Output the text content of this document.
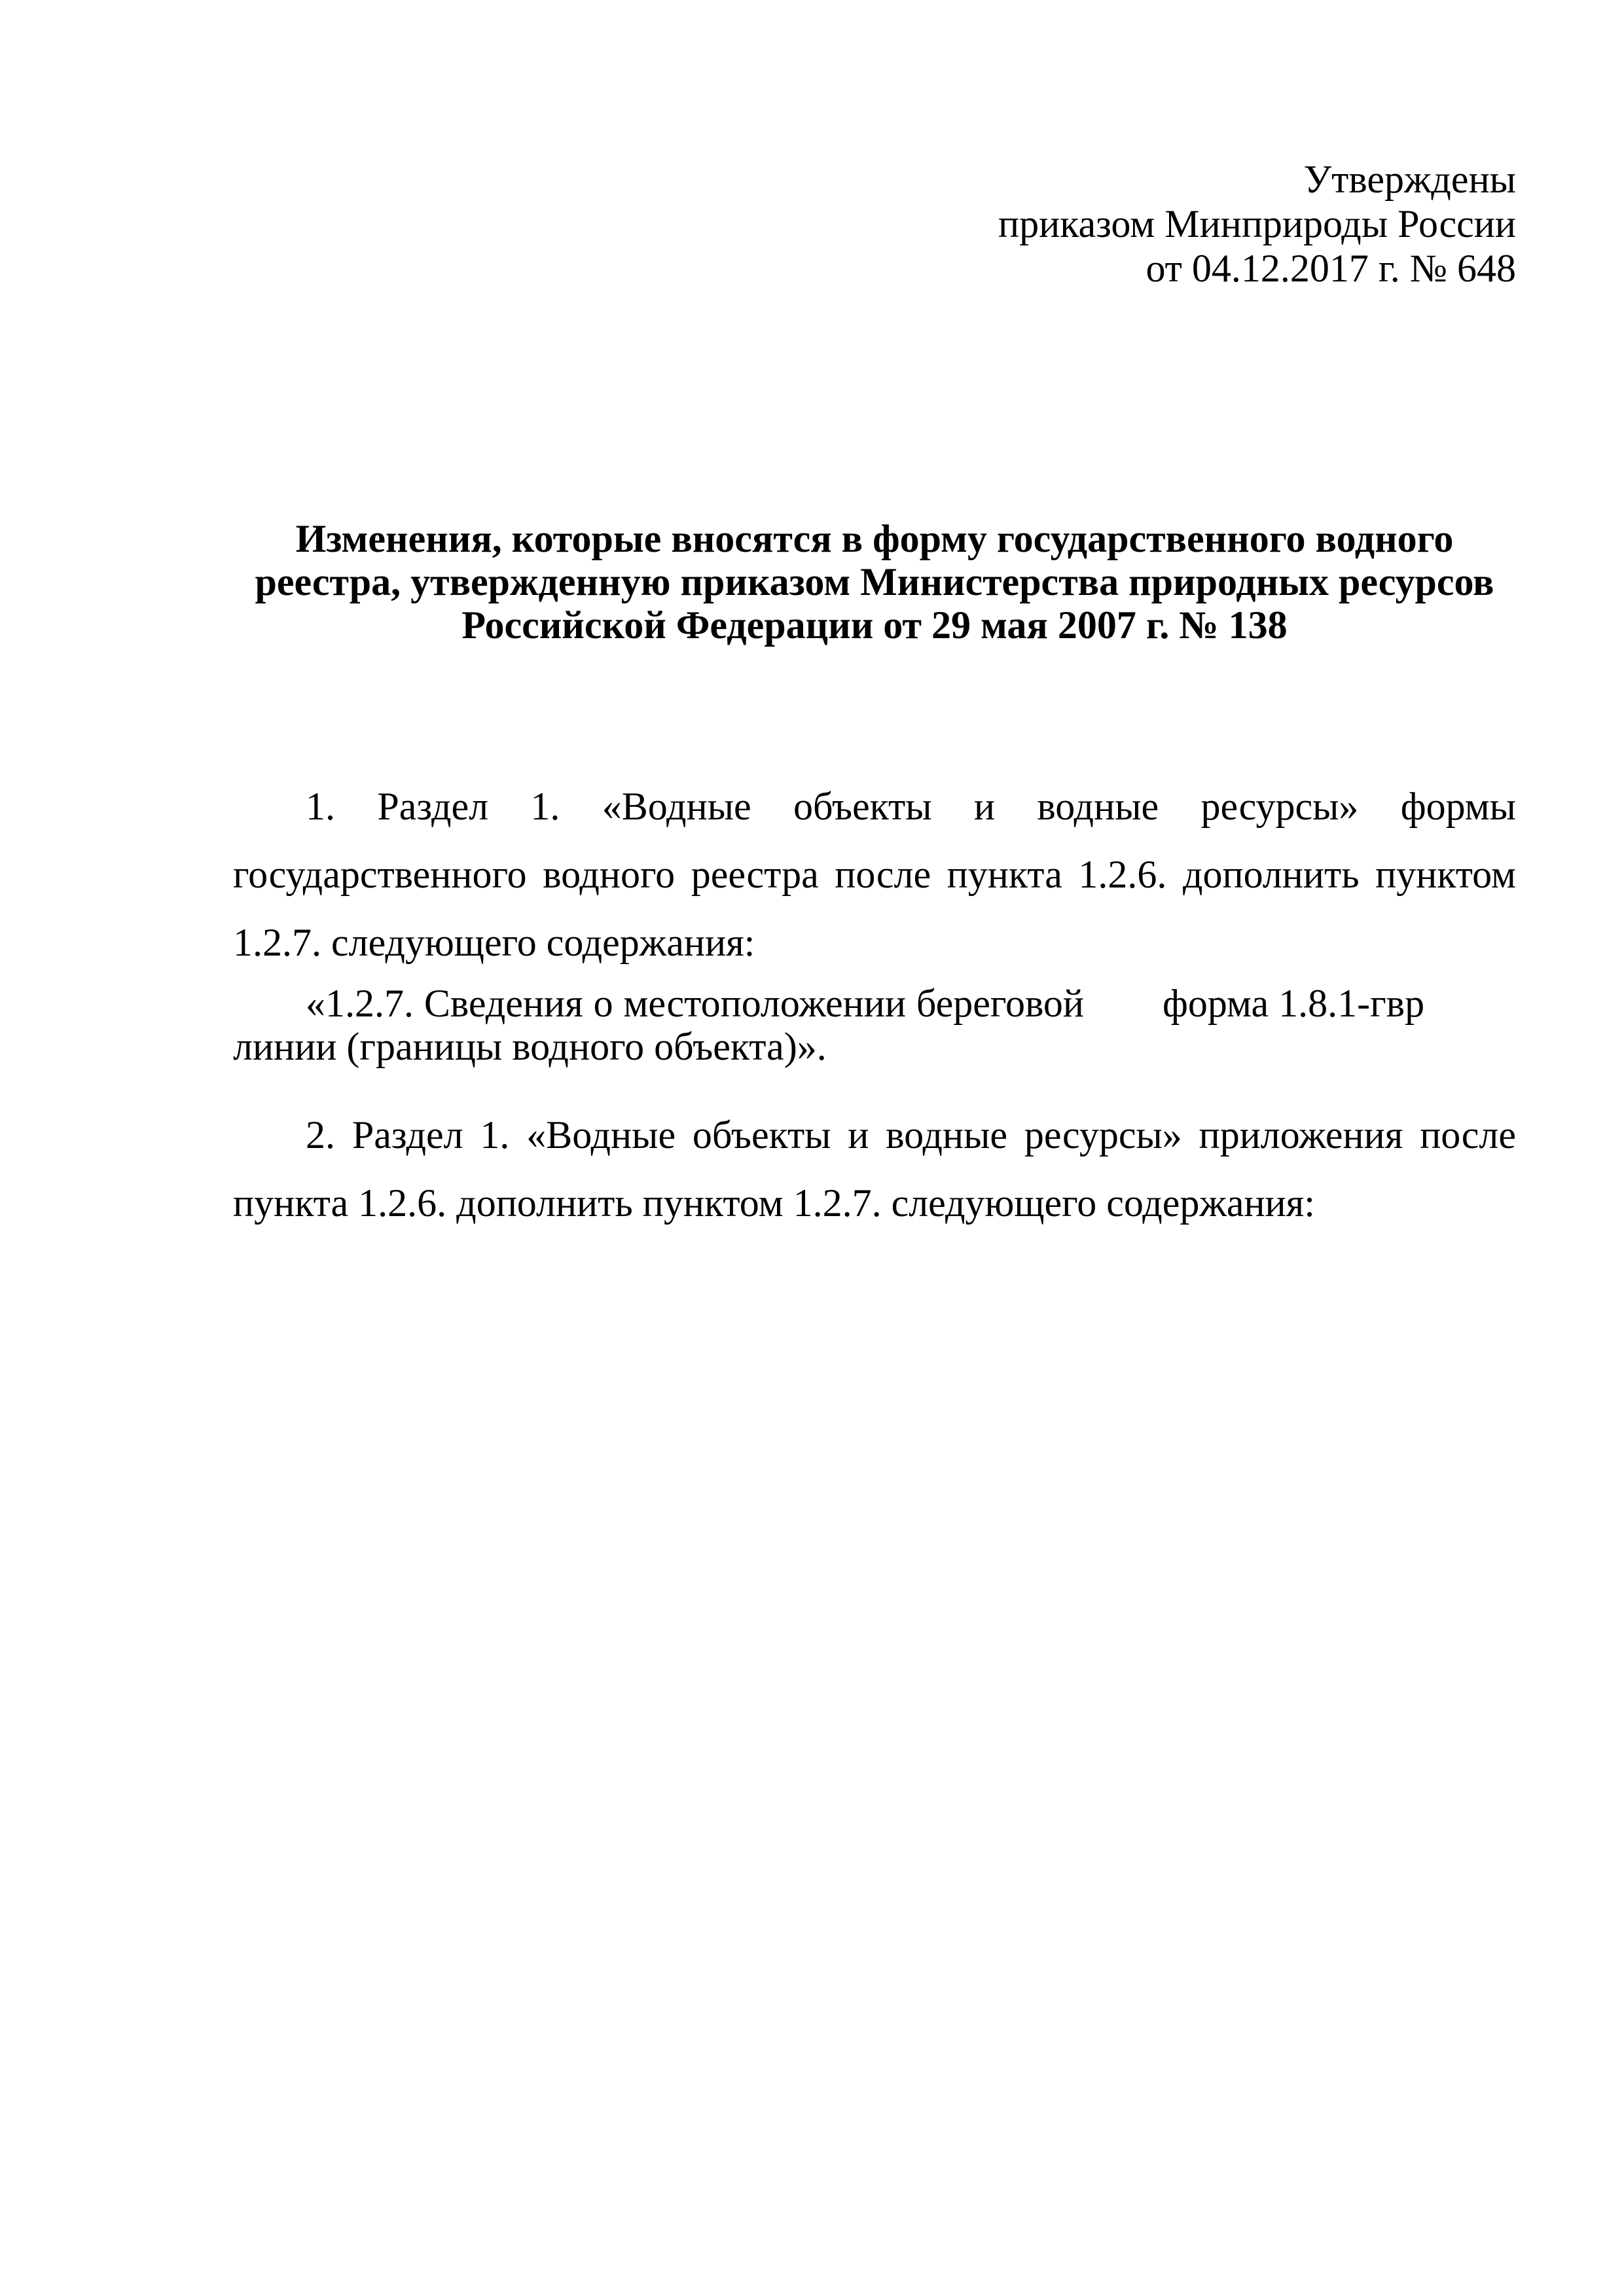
Утверждены
приказом Минприроды России
от 04.12.2017 г. № 648
Изменения, которые вносятся в форму государственного водного
реестра, утвержденную приказом Министерства природных ресурсов
Российской Федерации от 29 мая 2007 г. № 138

1. Раздел 1. «Водные объекты и водные ресурсы» формы государственного водного реестра после пункта 1.2.6. дополнить пунктом 1.2.7. следующего содержания:

«1.2.7. Сведения о местоположении береговой
линии (границы водного объекта)».
форма 1.8.1-гвр

2. Раздел 1. «Водные объекты и водные ресурсы» приложения после пункта 1.2.6. дополнить пунктом 1.2.7. следующего содержания:
